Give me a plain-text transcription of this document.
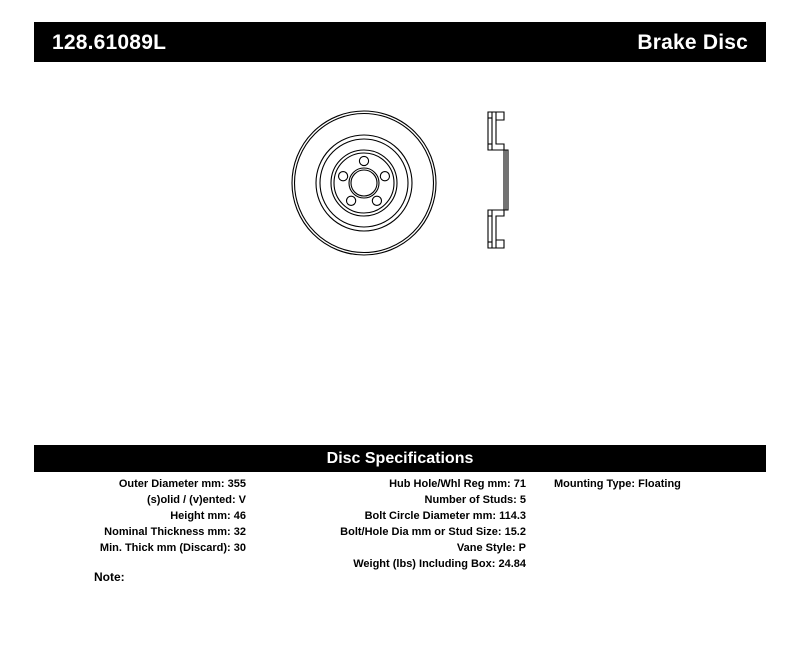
128.61089L	Brake Disc
Disc Specifications
Outer Diameter mm: 355
(s)olid / (v)ented: V
Height mm: 46
Nominal Thickness mm: 32
Min. Thick mm (Discard): 30
Hub Hole/Whl Reg mm: 71
Number of Studs: 5
Bolt Circle Diameter mm: 114.3
Bolt/Hole Dia mm or Stud Size: 15.2
Vane Style: P
Weight (lbs) Including Box: 24.84
Mounting Type: Floating
Note:
